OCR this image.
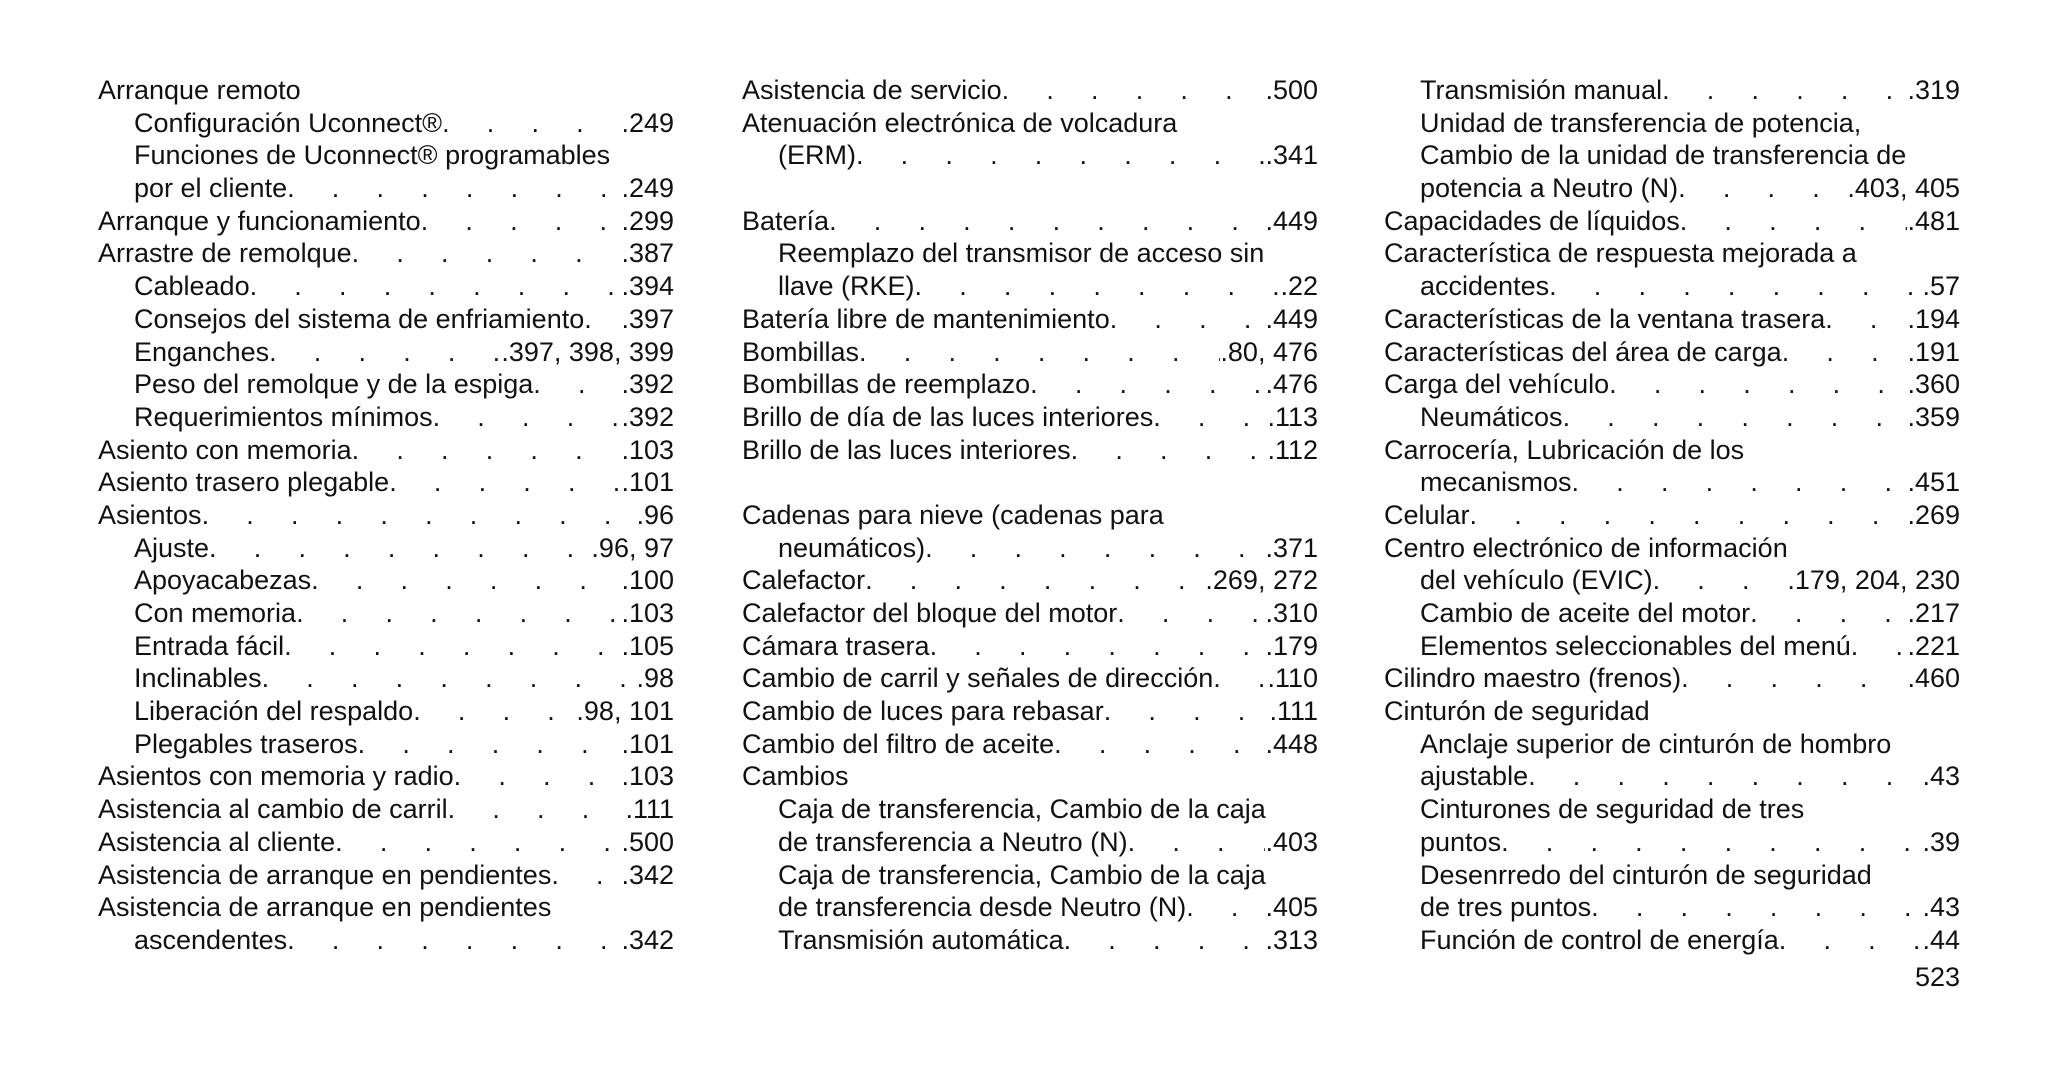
Arranque remoto
Configuración Uconnect® . . .	.249
Funciones de Uconnect® programables
por el cliente . . .	.249
Arranque y funcionamiento . . .	.299
Arrastre de remolque . . .	.387
Cableado . . .	.394
Consejos del sistema de enfriamiento . . . .397
Enganches . . .	.397, 398, 399
Peso del remolque y de la espiga . . .	.392
Requerimientos mínimos . . .	.392
Asiento con memoria . . .	.103
Asiento trasero plegable . . .	.101
Asientos . . .	.96
Ajuste . . .	.96, 97
Apoyacabezas . . .	.100
Con memoria . . .	.103
Entrada fácil . . .	.105
Inclinables . . .	.98
Liberación del respaldo . . .	.98, 101
Plegables traseros . . .	.101
Asientos con memoria y radio . . .	.103
Asistencia al cambio de carril . . .	.111
Asistencia al cliente . . .	.500
Asistencia de arranque en pendientes . . .	.342
Asistencia de arranque en pendientes
ascendentes . . .	.342
Asistencia de servicio . . .	.500
Atenuación electrónica de volcadura
(ERM) . . .	.341
Batería . . .	.449
Reemplazo del transmisor de acceso sin
llave (RKE) . . .	.22
Batería libre de mantenimiento . . .	.449
Bombillas . . .	.80, 476
Bombillas de reemplazo . . .	.476
Brillo de día de las luces interiores . . .	.113
Brillo de las luces interiores . . .	.112
Cadenas para nieve (cadenas para
neumáticos) . . .	.371
Calefactor . . .	.269, 272
Calefactor del bloque del motor . . .	.310
Cámara trasera . . .	.179
Cambio de carril y señales de dirección . . . .110
Cambio de luces para rebasar . . .	.111
Cambio del filtro de aceite . . .	.448
Cambios
Caja de transferencia, Cambio de la caja
de transferencia a Neutro (N) . . .	.403
Caja de transferencia, Cambio de la caja
de transferencia desde Neutro (N) . . .	.405
Transmisión automática . . .	.313
Transmisión manual . . .	.319
Unidad de transferencia de potencia,
Cambio de la unidad de transferencia de
potencia a Neutro (N) . . .	.403, 405
Capacidades de líquidos . . .	.481
Característica de respuesta mejorada a
accidentes . . .	.57
Características de la ventana trasera . . .	.194
Características del área de carga . . .	.191
Carga del vehículo . . .	.360
Neumáticos . . .	.359
Carrocería, Lubricación de los
mecanismos . . .	.451
Celular . . .	.269
Centro electrónico de información
del vehículo (EVIC) . . .	.179, 204, 230
Cambio de aceite del motor . . .	.217
Elementos seleccionables del menú . . . .221
Cilindro maestro (frenos) . . .	.460
Cinturón de seguridad
Anclaje superior de cinturón de hombro
ajustable . . .	.43
Cinturones de seguridad de tres
puntos . . .	.39
Desenrredo del cinturón de seguridad
de tres puntos . . .	.43
Función de control de energía . . .	.44
523
